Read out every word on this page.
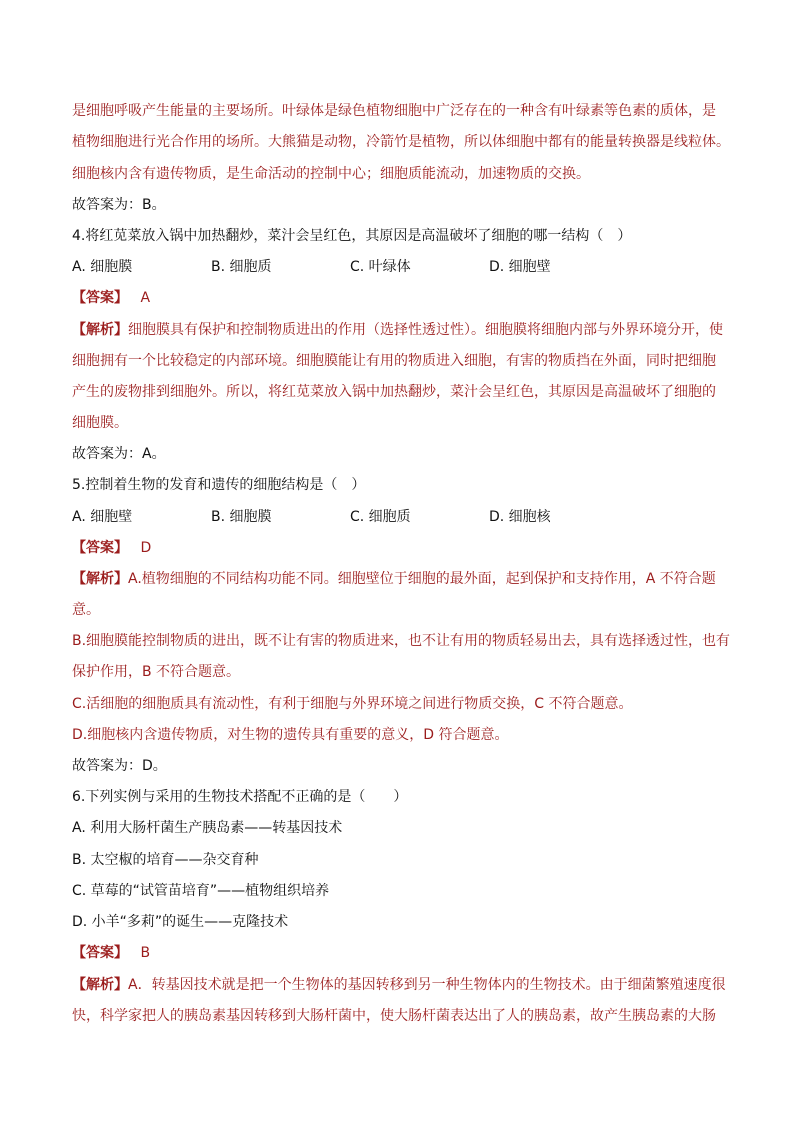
是细胞呼吸产生能量的主要场所。叶绿体是绿色植物细胞中广泛存在的一种含有叶绿素等色素的质体，是
植物细胞进行光合作用的场所。大熊猫是动物，冷箭竹是植物，所以体细胞中都有的能量转换器是线粒体。
细胞核内含有遗传物质，是生命活动的控制中心；细胞质能流动，加速物质的交换。
故答案为：B。
4.将红苋菜放入锅中加热翻炒，菜汁会呈红色，其原因是高温破坏了细胞的哪一结构（　）
A. 细胞膜	B. 细胞质	C. 叶绿体	D. 细胞壁
【答案】 A
【解析】细胞膜具有保护和控制物质进出的作用（选择性透过性）。细胞膜将细胞内部与外界环境分开，使
细胞拥有一个比较稳定的内部环境。细胞膜能让有用的物质进入细胞，有害的物质挡在外面，同时把细胞
产生的废物排到细胞外。所以，将红苋菜放入锅中加热翻炒，菜汁会呈红色，其原因是高温破坏了细胞的
细胞膜。
故答案为：A。
5.控制着生物的发育和遗传的细胞结构是（　）
A. 细胞壁	B. 细胞膜	C. 细胞质	D. 细胞核
【答案】 D
【解析】A.植物细胞的不同结构功能不同。细胞壁位于细胞的最外面，起到保护和支持作用，A 不符合题
意。
B.细胞膜能控制物质的进出，既不让有害的物质进来，也不让有用的物质轻易出去，具有选择透过性，也有
保护作用，B 不符合题意。
C.活细胞的细胞质具有流动性，有利于细胞与外界环境之间进行物质交换，C 不符合题意。
D.细胞核内含遗传物质，对生物的遗传具有重要的意义，D 符合题意。
故答案为：D。
6.下列实例与采用的生物技术搭配不正确的是（　　）
A. 利用大肠杆菌生产胰岛素——转基因技术
B. 太空椒的培育——杂交育种
C. 草莓的“试管苗培育”——植物组织培养
D. 小羊“多莉”的诞生——克隆技术
【答案】 B
【解析】A．转基因技术就是把一个生物体的基因转移到另一种生物体内的生物技术。由于细菌繁殖速度很
快，科学家把人的胰岛素基因转移到大肠杆菌中，使大肠杆菌表达出了人的胰岛素，故产生胰岛素的大肠
